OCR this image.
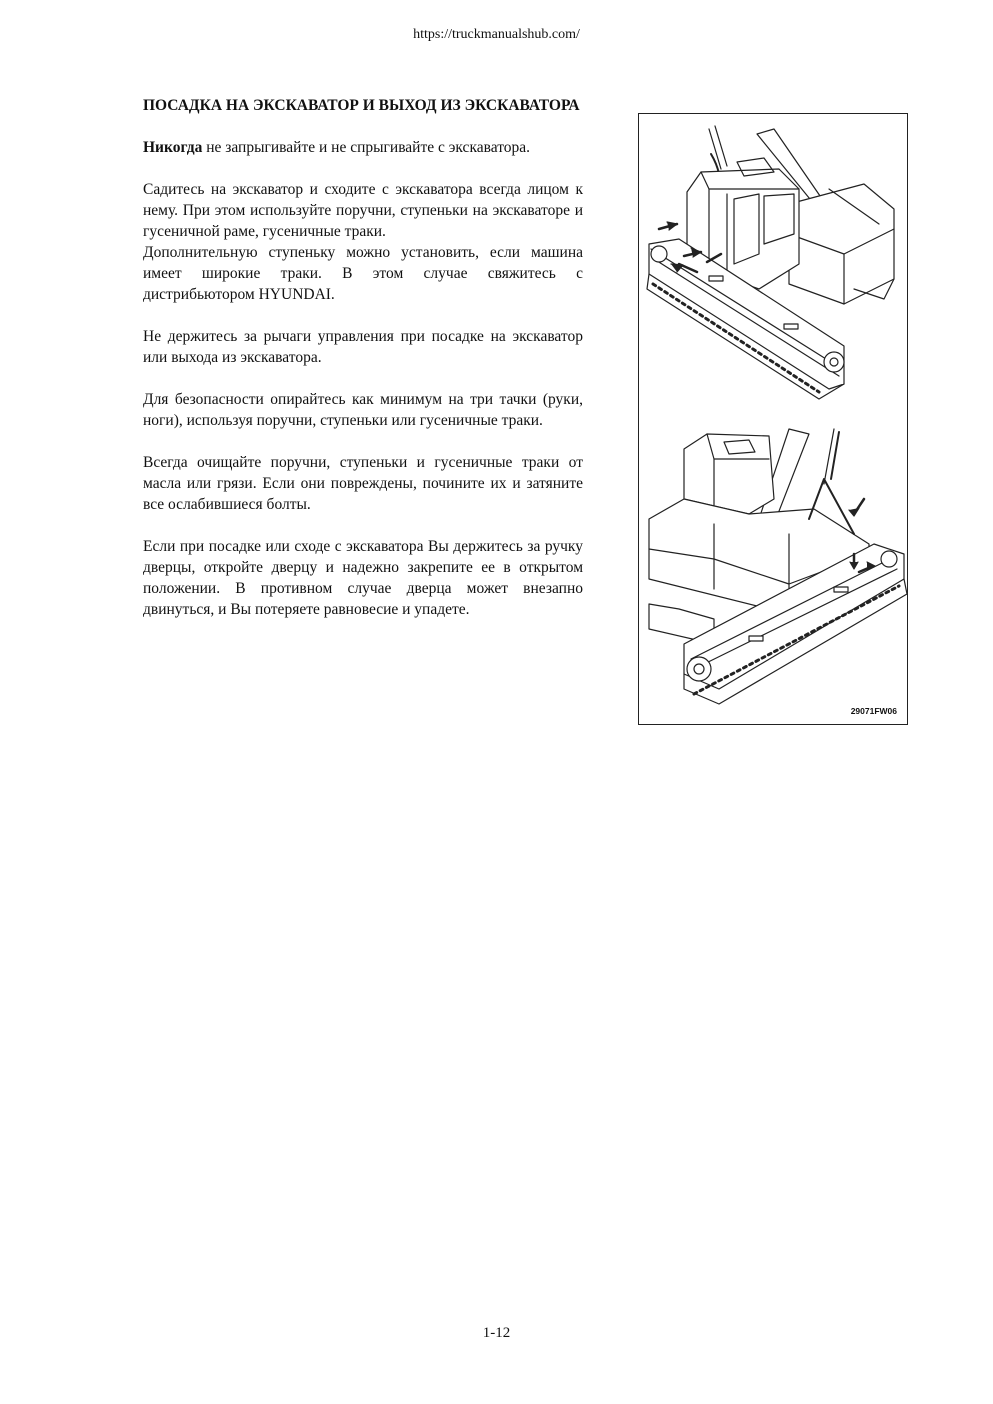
https://truckmanualshub.com/
ПОСАДКА НА ЭКСКАВАТОР И ВЫХОД ИЗ ЭКСКАВАТОРА

Никогда не запрыгивайте и не спрыгивайте с экскаватора.

Садитесь на экскаватор и сходите с экскаватора всегда лицом к нему. При этом используйте поручни, ступеньки на экскаваторе и гусеничной раме, гусеничные траки.

Дополнительную ступеньку можно установить, если машина имеет широкие траки. В этом случае свяжитесь с дистрибьютором HYUNDAI.

Не держитесь за рычаги управления при посадке на экскаватор или выхода из экскаватора.

Для безопасности опирайтесь как минимум на три тачки (руки, ноги), используя поручни, ступеньки или гусеничные траки.

Всегда очищайте поручни, ступеньки и гусеничные траки от масла или грязи. Если они повреждены, почините их и затяните все ослабившиеся болты.

Если при посадке или сходе с экскаватора Вы держитесь за ручку дверцы, откройте дверцу и надежно закрепите ее в открытом положении. В противном случае дверца может внезапно двинуться, и Вы потеряете равновесие и упадете.

29071FW06
1-12
